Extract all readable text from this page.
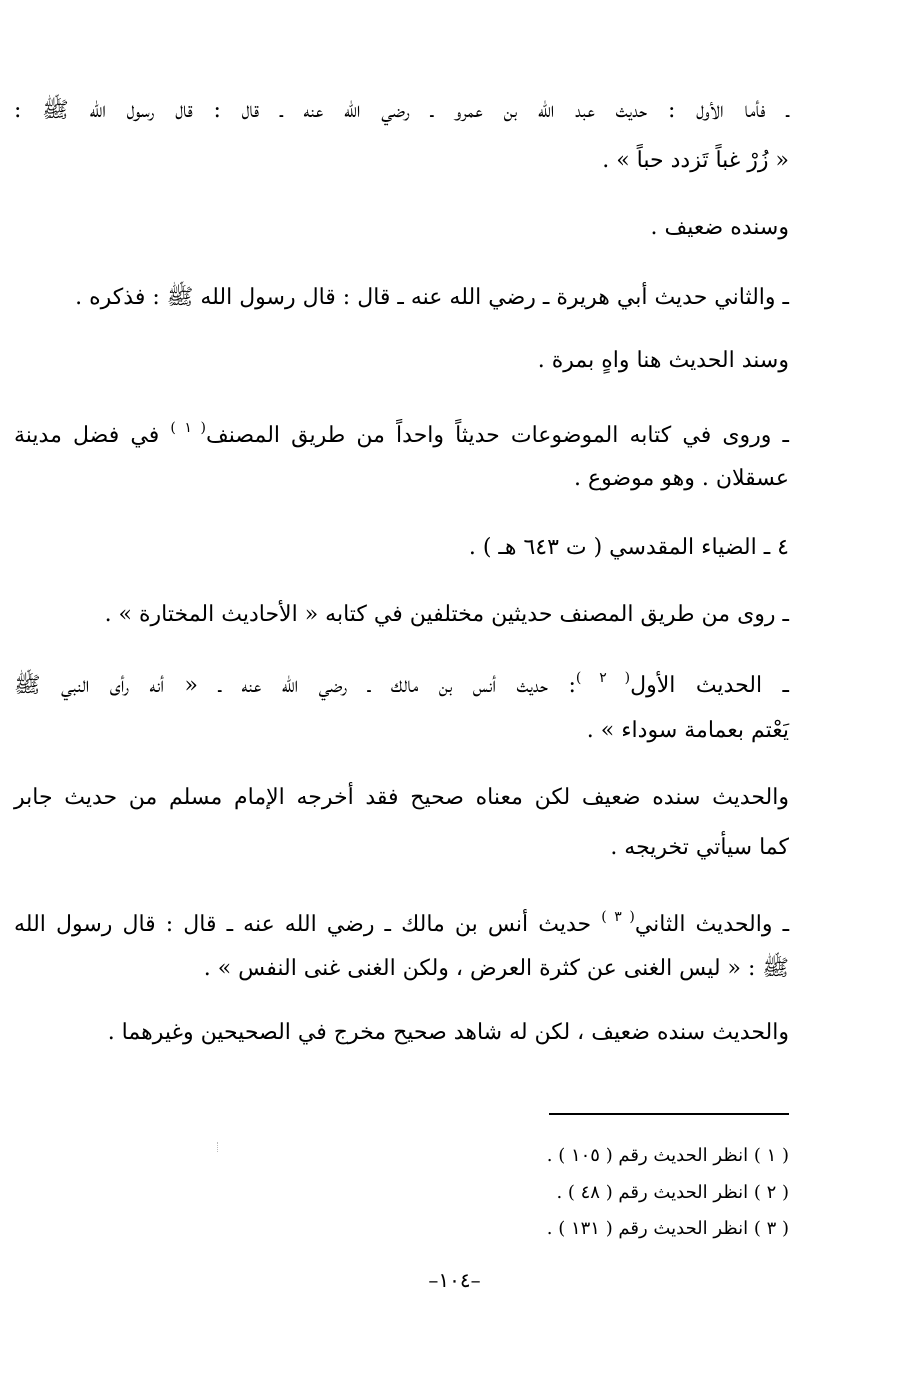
ـ فأما الأول : حديث عبد الله بن عمرو ـ رضي الله عنه ـ قال : قال رسول الله ﷺ :
« زُرْ غباً تَزدد حباً » .
وسنده ضعيف .
ـ والثاني حديث أبي هريرة ـ رضي الله عنه ـ قال : قال رسول الله ﷺ : فذكره .
وسند الحديث هنا واهٍ بمرة .
ـ وروى في كتابه الموضوعات حديثاً واحداً من طريق المصنف$^{( ١ )}$ في فضل مدينة
عسقلان . وهو موضوع .
٤ ـ الضياء المقدسي ( ت ٦٤٣ هـ ) .
ـ روى من طريق المصنف حديثين مختلفين في كتابه « الأحاديث المختارة » .
ـ الحديث الأول$^{( ٢ )}$: حديث أنس بن مالك ـ رضي الله عنه ـ « أنه رأى النبي ﷺ
يَعْتم بعمامة سوداء » .
والحديث سنده ضعيف لكن معناه صحيح فقد أخرجه الإمام مسلم من حديث جابر
كما سيأتي تخريجه .
ـ والحديث الثاني$^{( ٣ )}$ حديث أنس بن مالك ـ رضي الله عنه ـ قال : قال رسول الله
ﷺ : « ليس الغنى عن كثرة العرض ، ولكن الغنى غنى النفس » .
والحديث سنده ضعيف ، لكن له شاهد صحيح مخرج في الصحيحين وغيرهما .
( ١ ) انظر الحديث رقم ( ١٠٥ ) .
( ٢ ) انظر الحديث رقم ( ٤٨ ) .
( ٣ ) انظر الحديث رقم ( ١٣١ ) .
–١٠٤–
